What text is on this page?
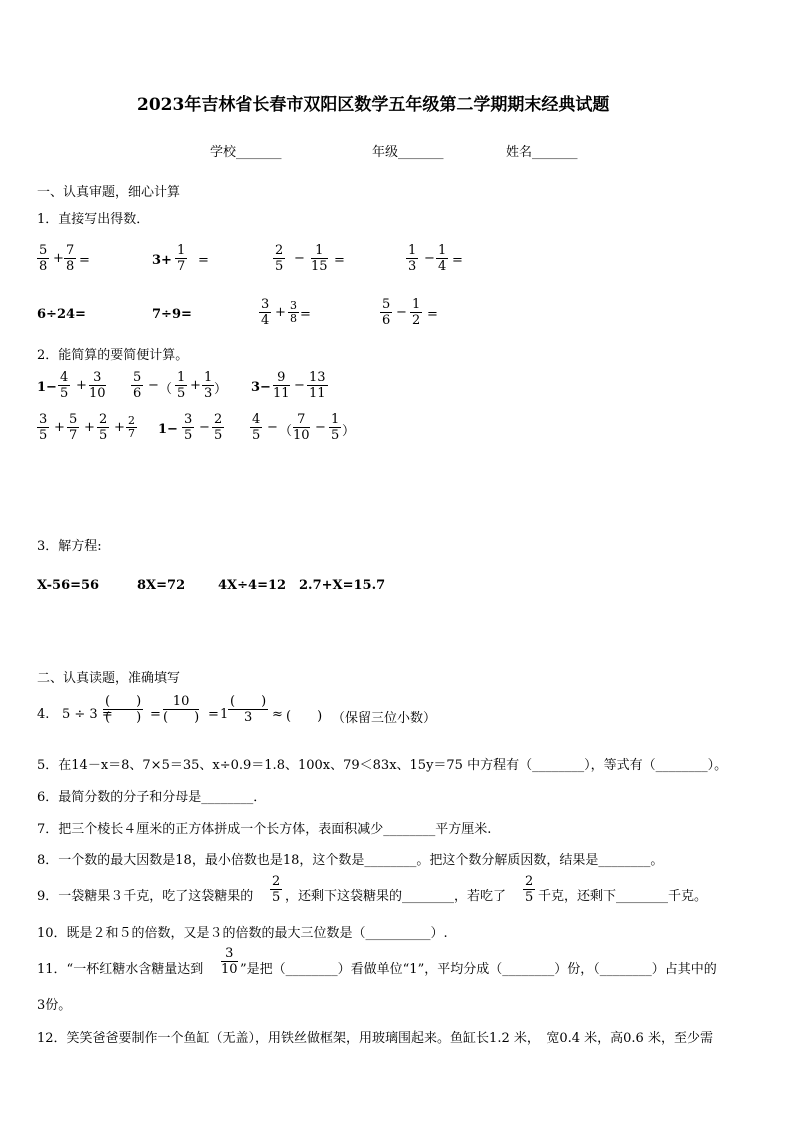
2023年吉林省长春市双阳区数学五年级第二学期期末经典试题
学校_______	年级_______	姓名_______
一、认真审题，细心计算
1．直接写出得数．
$\frac{5}{8} + \frac{7}{8}$ =	$3+ \frac{1}{7}$ =	$\frac{2}{5} - \frac{1}{15}$ =	$\frac{1}{3} - \frac{1}{4}$ =
6÷24=	7÷9=	$\frac{3}{4} + \frac{3}{8}$ =	$\frac{5}{6} - \frac{1}{2}$ =
2．能简算的要简便计算。
$1- \frac{4}{5} + \frac{3}{10} \frac{5}{6}$ − （ $\frac{1}{5} + \frac{1}{3}$ ） $3- \frac{9}{11} - \frac{13}{11}$
$\frac{3}{5} + \frac{5}{7} + \frac{2}{5} + \frac{2}{7} 1- \frac{3}{5} - \frac{2}{5} \frac{4}{5}$ − （ $\frac{7}{10} - \frac{1}{5}$ ）
3．解方程:
X-56=56	8X=72	4X÷4=12 2.7+X=15.7
二、认真读题，准确填写
4. 5 ÷ 3 =
(　　)
(　　) =
10
(　　) = 1
(　　)
3	≈ (　　) （保留三位小数）
5．在14－x＝8、7×5＝35、x÷0.9＝1.8、100x、79＜83x、15y＝75 中方程有（________），等式有（________）。
6．最简分数的分子和分母是________．
7．把三个棱长４厘米的正方体拼成一个长方体，表面积减少________平方厘米.
8．一个数的最大因数是18，最小倍数也是18，这个数是________。把这个数分解质因数，结果是________。
9．一袋糖果３千克，吃了这袋糖果的 $\frac{2}{5}$ ，还剩下这袋糖果的________，若吃了 $\frac{2}{5}$ 千克，还剩下________千克。
10．既是２和５的倍数，又是３的倍数的最大三位数是（__________）.
11．“一杯红糖水含糖量达到 $\frac{3}{10}$ ”是把（________）看做单位“1”，平均分成（________）份，（________）占其中的
3份。
12．笑笑爸爸要制作一个鱼缸（无盖），用铁丝做框架，用玻璃围起来。鱼缸长1.2 米，　宽0.4 米，高0.6 米，至少需
